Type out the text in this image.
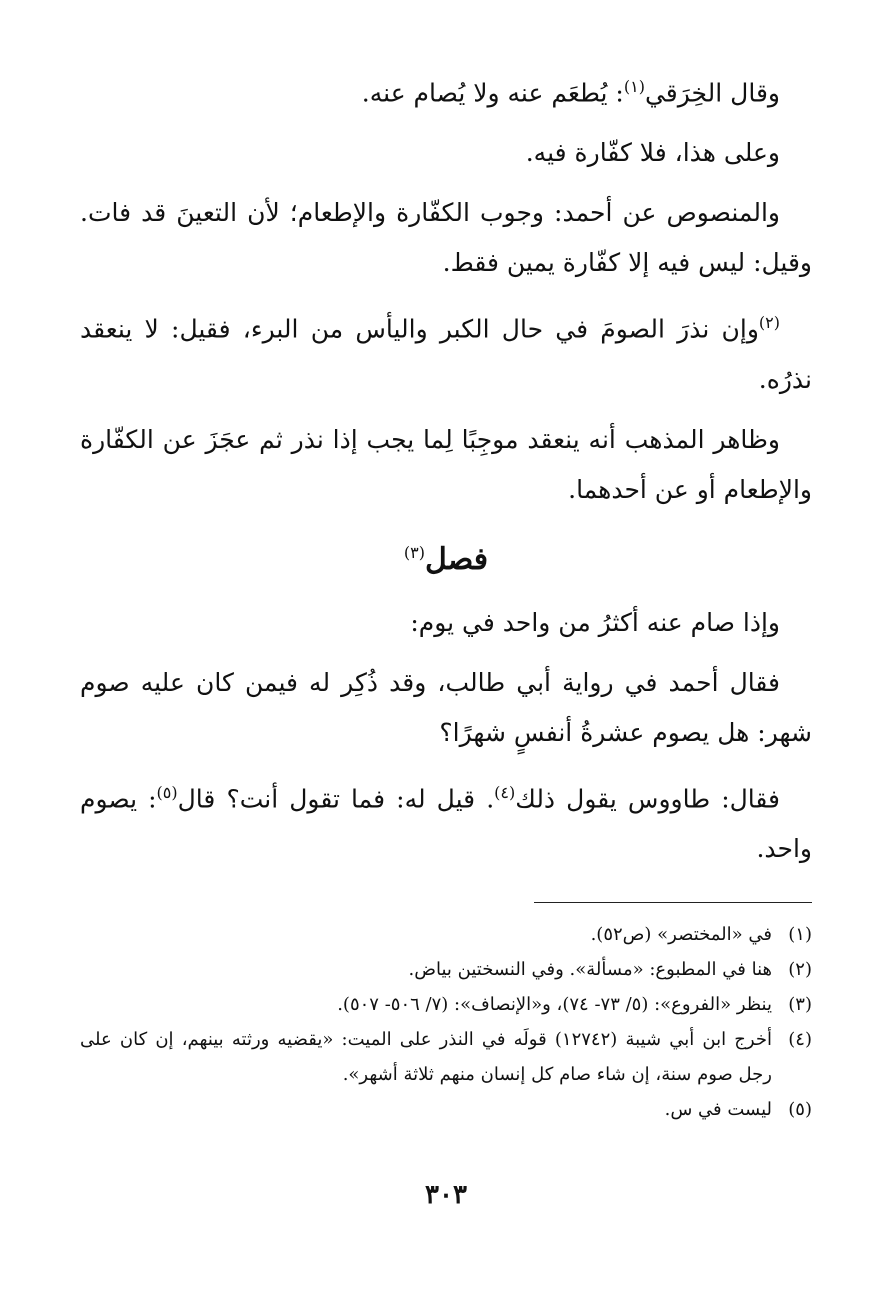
وقال الخِرَقي$^{(١)}$: يُطعَم عنه ولا يُصام عنه.

وعلى هذا، فلا كفّارة فيه.

والمنصوص عن أحمد: وجوب الكفّارة والإطعام؛ لأن التعينَ قد فات. وقيل: ليس فيه إلا كفّارة يمين فقط.

$^{(٢)}$وإن نذرَ الصومَ في حال الكبر واليأس من البرء، فقيل: لا ينعقد نذرُه.

وظاهر المذهب أنه ينعقد موجِبًا لِما يجب إذا نذر ثم عجَزَ عن الكفّارة والإطعام أو عن أحدهما.

فصل$^{(٣)}$

وإذا صام عنه أكثرُ من واحد في يوم:

فقال أحمد في رواية أبي طالب، وقد ذُكِر له فيمن كان عليه صوم شهر: هل يصوم عشرةُ أنفسٍ شهرًا؟

فقال: طاووس يقول ذلك$^{(٤)}$. قيل له: فما تقول أنت؟ قال$^{(٥)}$: يصوم واحد.

(١)
في «المختصر» (ص٥٢).
(٢)
هنا في المطبوع: «مسألة». وفي النسختين بياض.
(٣)
ينظر «الفروع»: (٥/ ٧٣- ٧٤)، و«الإنصاف»: (٧/ ٥٠٦- ٥٠٧).
(٤)
أخرج ابن أبي شيبة (١٢٧٤٢) قولَه في النذر على الميت: «يقضيه ورثته بينهم، إن كان على رجل صوم سنة، إن شاء صام كل إنسان منهم ثلاثة أشهر».
(٥)
ليست في س.
٣٠٣
